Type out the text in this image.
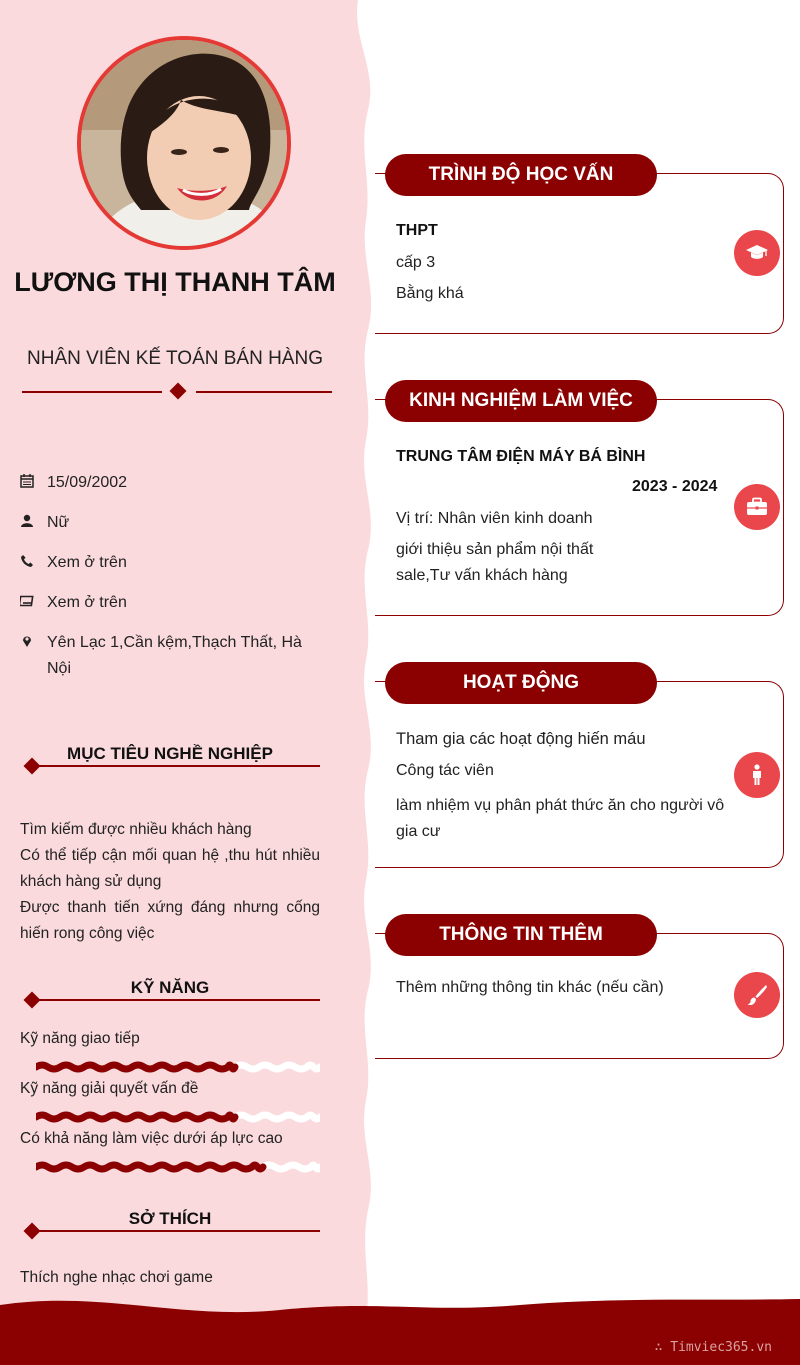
LƯƠNG THỊ THANH TÂM
NHÂN VIÊN KẾ TOÁN BÁN HÀNG
15/09/2002
Nữ
Xem ở trên
Xem ở trên
Yên Lạc 1,Cần kệm,Thạch Thất, Hà Nội
MỤC TIÊU NGHỀ NGHIỆP
Tìm kiếm được nhiều khách hàng
Có thể tiếp cận mối quan hệ ,thu hút nhiều khách hàng sử dụng
Được thanh tiến xứng đáng nhưng cống hiến rong công việc
KỸ NĂNG
Kỹ năng giao tiếp
Kỹ năng giải quyết vấn đề
Có khả năng làm việc dưới áp lực cao
SỞ THÍCH
Thích nghe nhạc chơi game
TRÌNH ĐỘ HỌC VẤN
THPT
cấp 3
Bằng khá
KINH NGHIỆM LÀM VIỆC
TRUNG TÂM ĐIỆN MÁY BÁ BÌNH
2023 - 2024
Vị trí: Nhân viên kinh doanh
giới thiệu sản phẩm nội thất
sale,Tư vấn khách hàng
HOẠT ĐỘNG
Tham gia các hoạt động hiến máu
Công tác viên
làm nhiệm vụ phân phát thức ăn cho người vô gia cư
THÔNG TIN THÊM
Thêm những thông tin khác (nếu cần)
∴ Timviec365.vn
